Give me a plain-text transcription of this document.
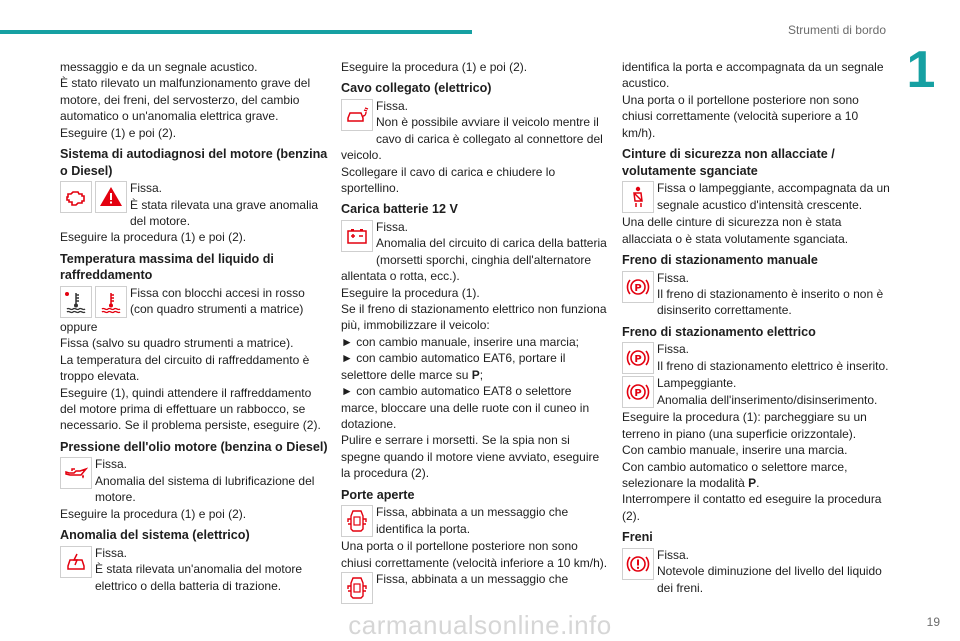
Strumenti di bordo
1

messaggio e da un segnale acustico.

È stato rilevato un malfunzionamento grave del motore, dei freni, del servosterzo, del cambio automatico o un'anomalia elettrica grave.

Eseguire (1) e poi (2).

Sistema di autodiagnosi del motore (benzina o Diesel)

Fissa.
È stata rilevata una grave anomalia del motore.

Eseguire la procedura (1) e poi (2).

Temperatura massima del liquido di raffreddamento

Fissa con blocchi accesi in rosso (con quadro strumenti a matrice)

oppure

Fissa (salvo su quadro strumenti a matrice).

La temperatura del circuito di raffreddamento è troppo elevata.

Eseguire (1), quindi attendere il raffreddamento del motore prima di effettuare un rabbocco, se necessario. Se il problema persiste, eseguire (2).

Pressione dell'olio motore (benzina o Diesel)

Fissa.
Anomalia del sistema di lubrificazione del motore.

Eseguire la procedura (1) e poi (2).

Anomalia del sistema (elettrico)

Fissa.
È stata rilevata un'anomalia del motore elettrico o della batteria di trazione.

Eseguire la procedura (1) e poi (2).

Cavo collegato (elettrico)

Fissa.
Non è possibile avviare il veicolo mentre il cavo di carica è collegato al connettore del veicolo.

Scollegare il cavo di carica e chiudere lo sportellino.

Carica batterie 12 V

Fissa.
Anomalia del circuito di carica della batteria (morsetti sporchi, cinghia dell'alternatore allentata o rotta, ecc.).

Eseguire la procedura (1).

Se il freno di stazionamento elettrico non funziona più, immobilizzare il veicolo:

► con cambio manuale, inserire una marcia;

► con cambio automatico EAT6, portare il selettore delle marce su P;

► con cambio automatico EAT8 o selettore marce, bloccare una delle ruote con il cuneo in dotazione.

Pulire e serrare i morsetti. Se la spia non si spegne quando il motore viene avviato, eseguire la procedura (2).

Porte aperte

Fissa, abbinata a un messaggio che identifica la porta.

Una porta o il portellone posteriore non sono chiusi correttamente (velocità inferiore a 10 km/h).

Fissa, abbinata a un messaggio che

identifica la porta e accompagnata da un segnale acustico.

Una porta o il portellone posteriore non sono chiusi correttamente (velocità superiore a 10 km/h).

Cinture di sicurezza non allacciate / volutamente sganciate

Fissa o lampeggiante, accompagnata da un segnale acustico d'intensità crescente.

Una delle cinture di sicurezza non è stata allacciata o è stata volutamente sganciata.

Freno di stazionamento manuale

P
Fissa.
Il freno di stazionamento è inserito o non è disinserito correttamente.

Freno di stazionamento elettrico

P
Fissa.
Il freno di stazionamento elettrico è inserito.
P
Lampeggiante.
Anomalia dell'inserimento/disinserimento.

Eseguire la procedura (1): parcheggiare su un terreno in piano (una superficie orizzontale).

Con cambio manuale, inserire una marcia.

Con cambio automatico o selettore marce, selezionare la modalità P.

Interrompere il contatto ed eseguire la procedura (2).

Freni

Fissa.
Notevole diminuzione del livello del liquido dei freni.
carmanualsonline.info	19
